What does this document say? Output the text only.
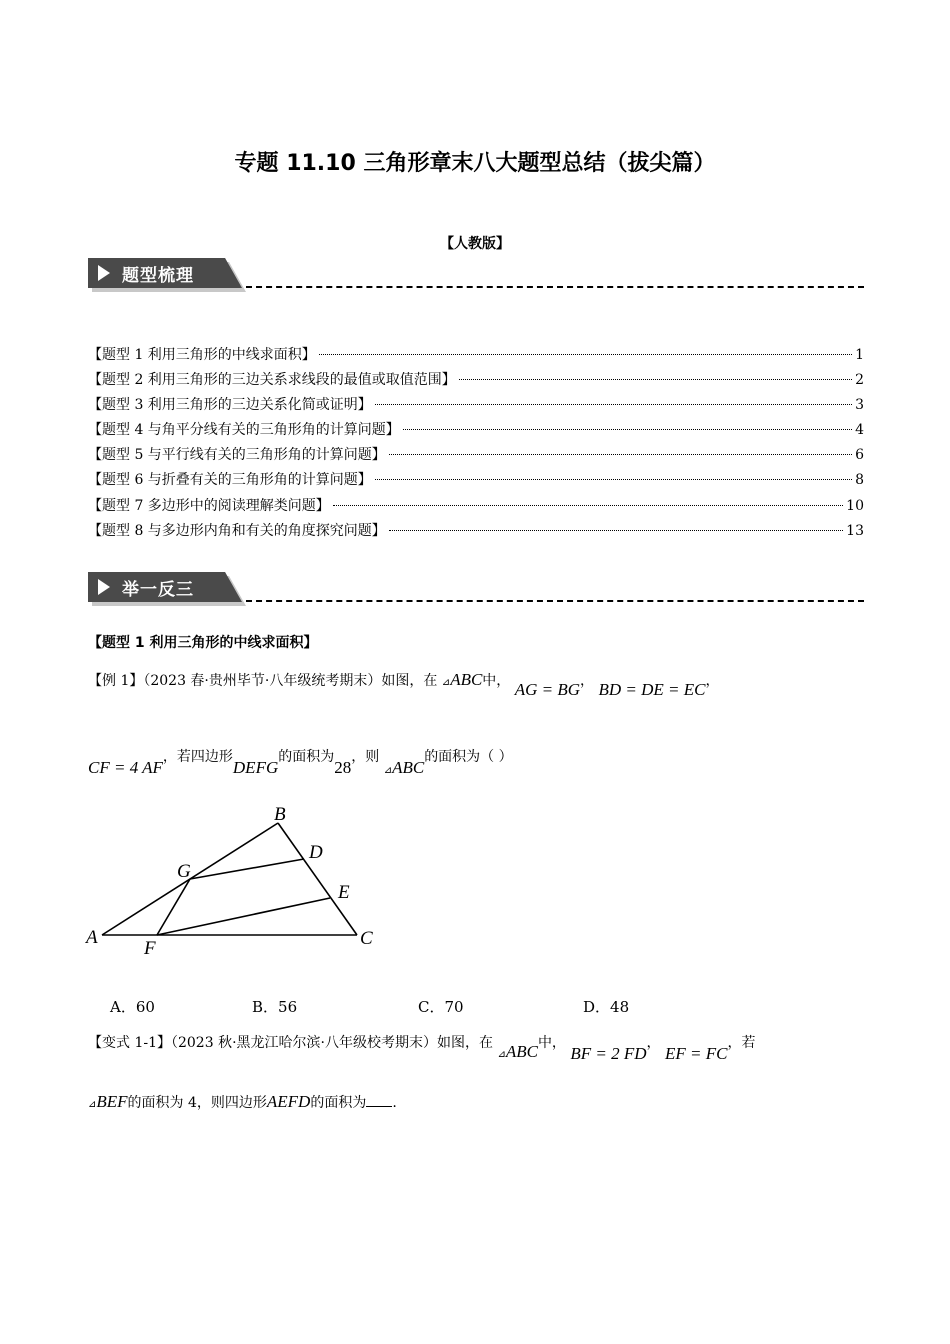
专题 11.10 三角形章末八大题型总结（拔尖篇）
【人教版】
题型梳理
【题型 1 利用三角形的中线求面积】	1
【题型 2 利用三角形的三边关系求线段的最值或取值范围】	2
【题型 3 利用三角形的三边关系化简或证明】	3
【题型 4 与角平分线有关的三角形角的计算问题】	4
【题型 5 与平行线有关的三角形角的计算问题】	6
【题型 6 与折叠有关的三角形角的计算问题】	8
【题型 7 多边形中的阅读理解类问题】	10
【题型 8 与多边形内角和有关的角度探究问题】	13
举一反三
【题型 1 利用三角形的中线求面积】
【例 1】（2023 春·贵州毕节·八年级统考期末）如图，在 ⊿ABC中， AG = BG， BD = DE = EC，
CF = 4 AF，若四边形DEFG的面积为28，则 $_⊿$ABC的面积为（ ）
A
B
C
D
E
F
G
A．60	B．56	C．70	D．48
【变式 1-1】（2023 秋·黑龙江哈尔滨·八年级校考期末）如图，在 $_⊿$ABC中， BF = 2 FD， EF = FC，若
⊿BEF的面积为 4，则四边形AEFD的面积为 .
